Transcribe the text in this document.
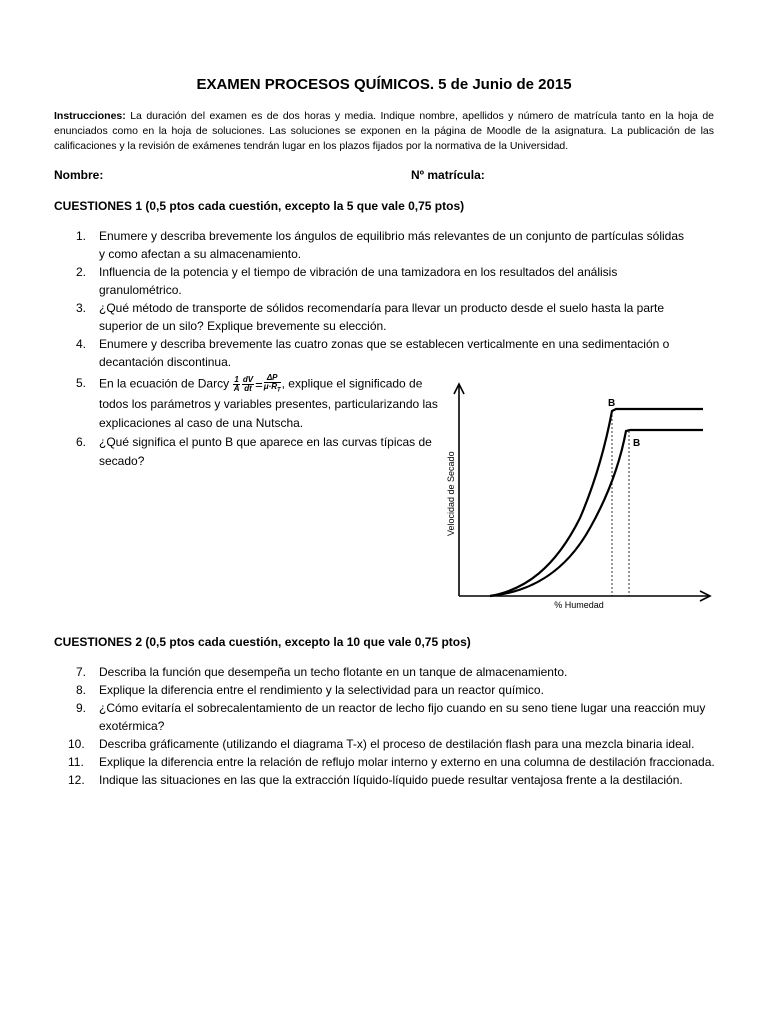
EXAMEN PROCESOS QUÍMICOS. 5 de Junio de 2015
Instrucciones: La duración del examen es de dos horas y media. Indique nombre, apellidos y número de matrícula tanto en la hoja de enunciados como en la hoja de soluciones. Las soluciones se exponen en la página de Moodle de la asignatura. La publicación de las calificaciones y la revisión de exámenes tendrán lugar en los plazos fijados por la normativa de la Universidad.
Nombre:	Nº matrícula:
CUESTIONES 1 (0,5 ptos cada cuestión, excepto la 5 que vale 0,75 ptos)
1. Enumere y describa brevemente los ángulos de equilibrio más relevantes de un conjunto de partículas sólidas y como afectan a su almacenamiento.
2. Influencia de la potencia y el tiempo de vibración de una tamizadora en los resultados del análisis granulométrico.
3. ¿Qué método de transporte de sólidos recomendaría para llevar un producto desde el suelo hasta la parte superior de un silo? Explique brevemente su elección.
4. Enumere y describa brevemente las cuatro zonas que se establecen verticalmente en una sedimentación o decantación discontinua.
5. En la ecuación de Darcy $\frac{1}{A} \frac{dV}{dt} = \frac{\Delta P}{\mu\cdot R_T}$ , explique el significado de todos los parámetros y variables presentes, particularizando las explicaciones al caso de una Nutscha.
6. ¿Qué significa el punto B que aparece en las curvas típicas de secado?
B
B
Velocidad de Secado
% Humedad
CUESTIONES 2 (0,5 ptos cada cuestión, excepto la 10 que vale 0,75 ptos)
7. Describa la función que desempeña un techo flotante en un tanque de almacenamiento.
8. Explique la diferencia entre el rendimiento y la selectividad para un reactor químico.
9. ¿Cómo evitaría el sobrecalentamiento de un reactor de lecho fijo cuando en su seno tiene lugar una reacción muy exotérmica?
10. Describa gráficamente (utilizando el diagrama T-x) el proceso de destilación flash para una mezcla binaria ideal.
11. Explique la diferencia entre la relación de reflujo molar interno y externo en una columna de destilación fraccionada.
12. Indique las situaciones en las que la extracción líquido-líquido puede resultar ventajosa frente a la destilación.
